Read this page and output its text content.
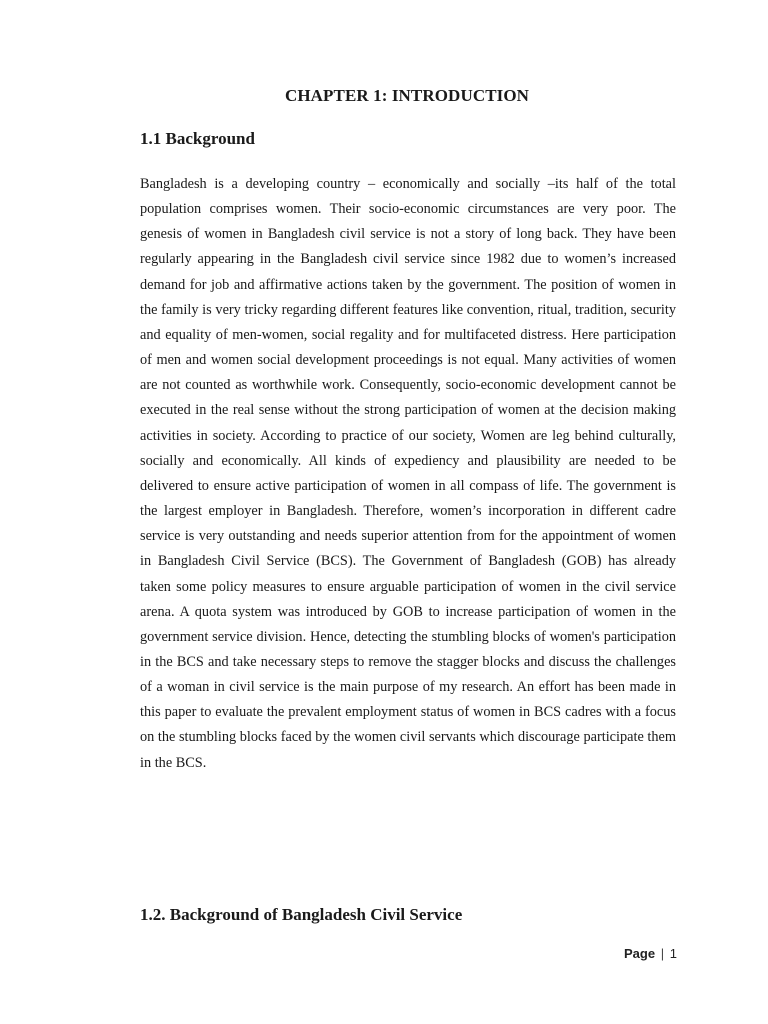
CHAPTER 1: INTRODUCTION
1.1 Background

Bangladesh is a developing country – economically and socially –its half of the total population comprises women. Their socio-economic circumstances are very poor. The genesis of women in Bangladesh civil service is not a story of long back. They have been regularly appearing in the Bangladesh civil service since 1982 due to women’s increased demand for job and affirmative actions taken by the government. The position of women in the family is very tricky regarding different features like convention, ritual, tradition, security and equality of men-women, social regality and for multifaceted distress. Here participation of men and women social development proceedings is not equal. Many activities of women are not counted as worthwhile work. Consequently, socio-economic development cannot be executed in the real sense without the strong participation of women at the decision making activities in society. According to practice of our society, Women are leg behind culturally, socially and economically. All kinds of expediency and plausibility are needed to be delivered to ensure active participation of women in all compass of life. The government is the largest employer in Bangladesh. Therefore, women’s incorporation in different cadre service is very outstanding and needs superior attention from for the appointment of women in Bangladesh Civil Service (BCS). The Government of Bangladesh (GOB) has already taken some policy measures to ensure arguable participation of women in the civil service arena. A quota system was introduced by GOB to increase participation of women in the government service division. Hence, detecting the stumbling blocks of women's participation in the BCS and take necessary steps to remove the stagger blocks and discuss the challenges of a woman in civil service is the main purpose of my research. An effort has been made in this paper to evaluate the prevalent employment status of women in BCS cadres with a focus on the stumbling blocks faced by the women civil servants which discourage participate them in the BCS.

1.2. Background of Bangladesh Civil Service
Page | 1
